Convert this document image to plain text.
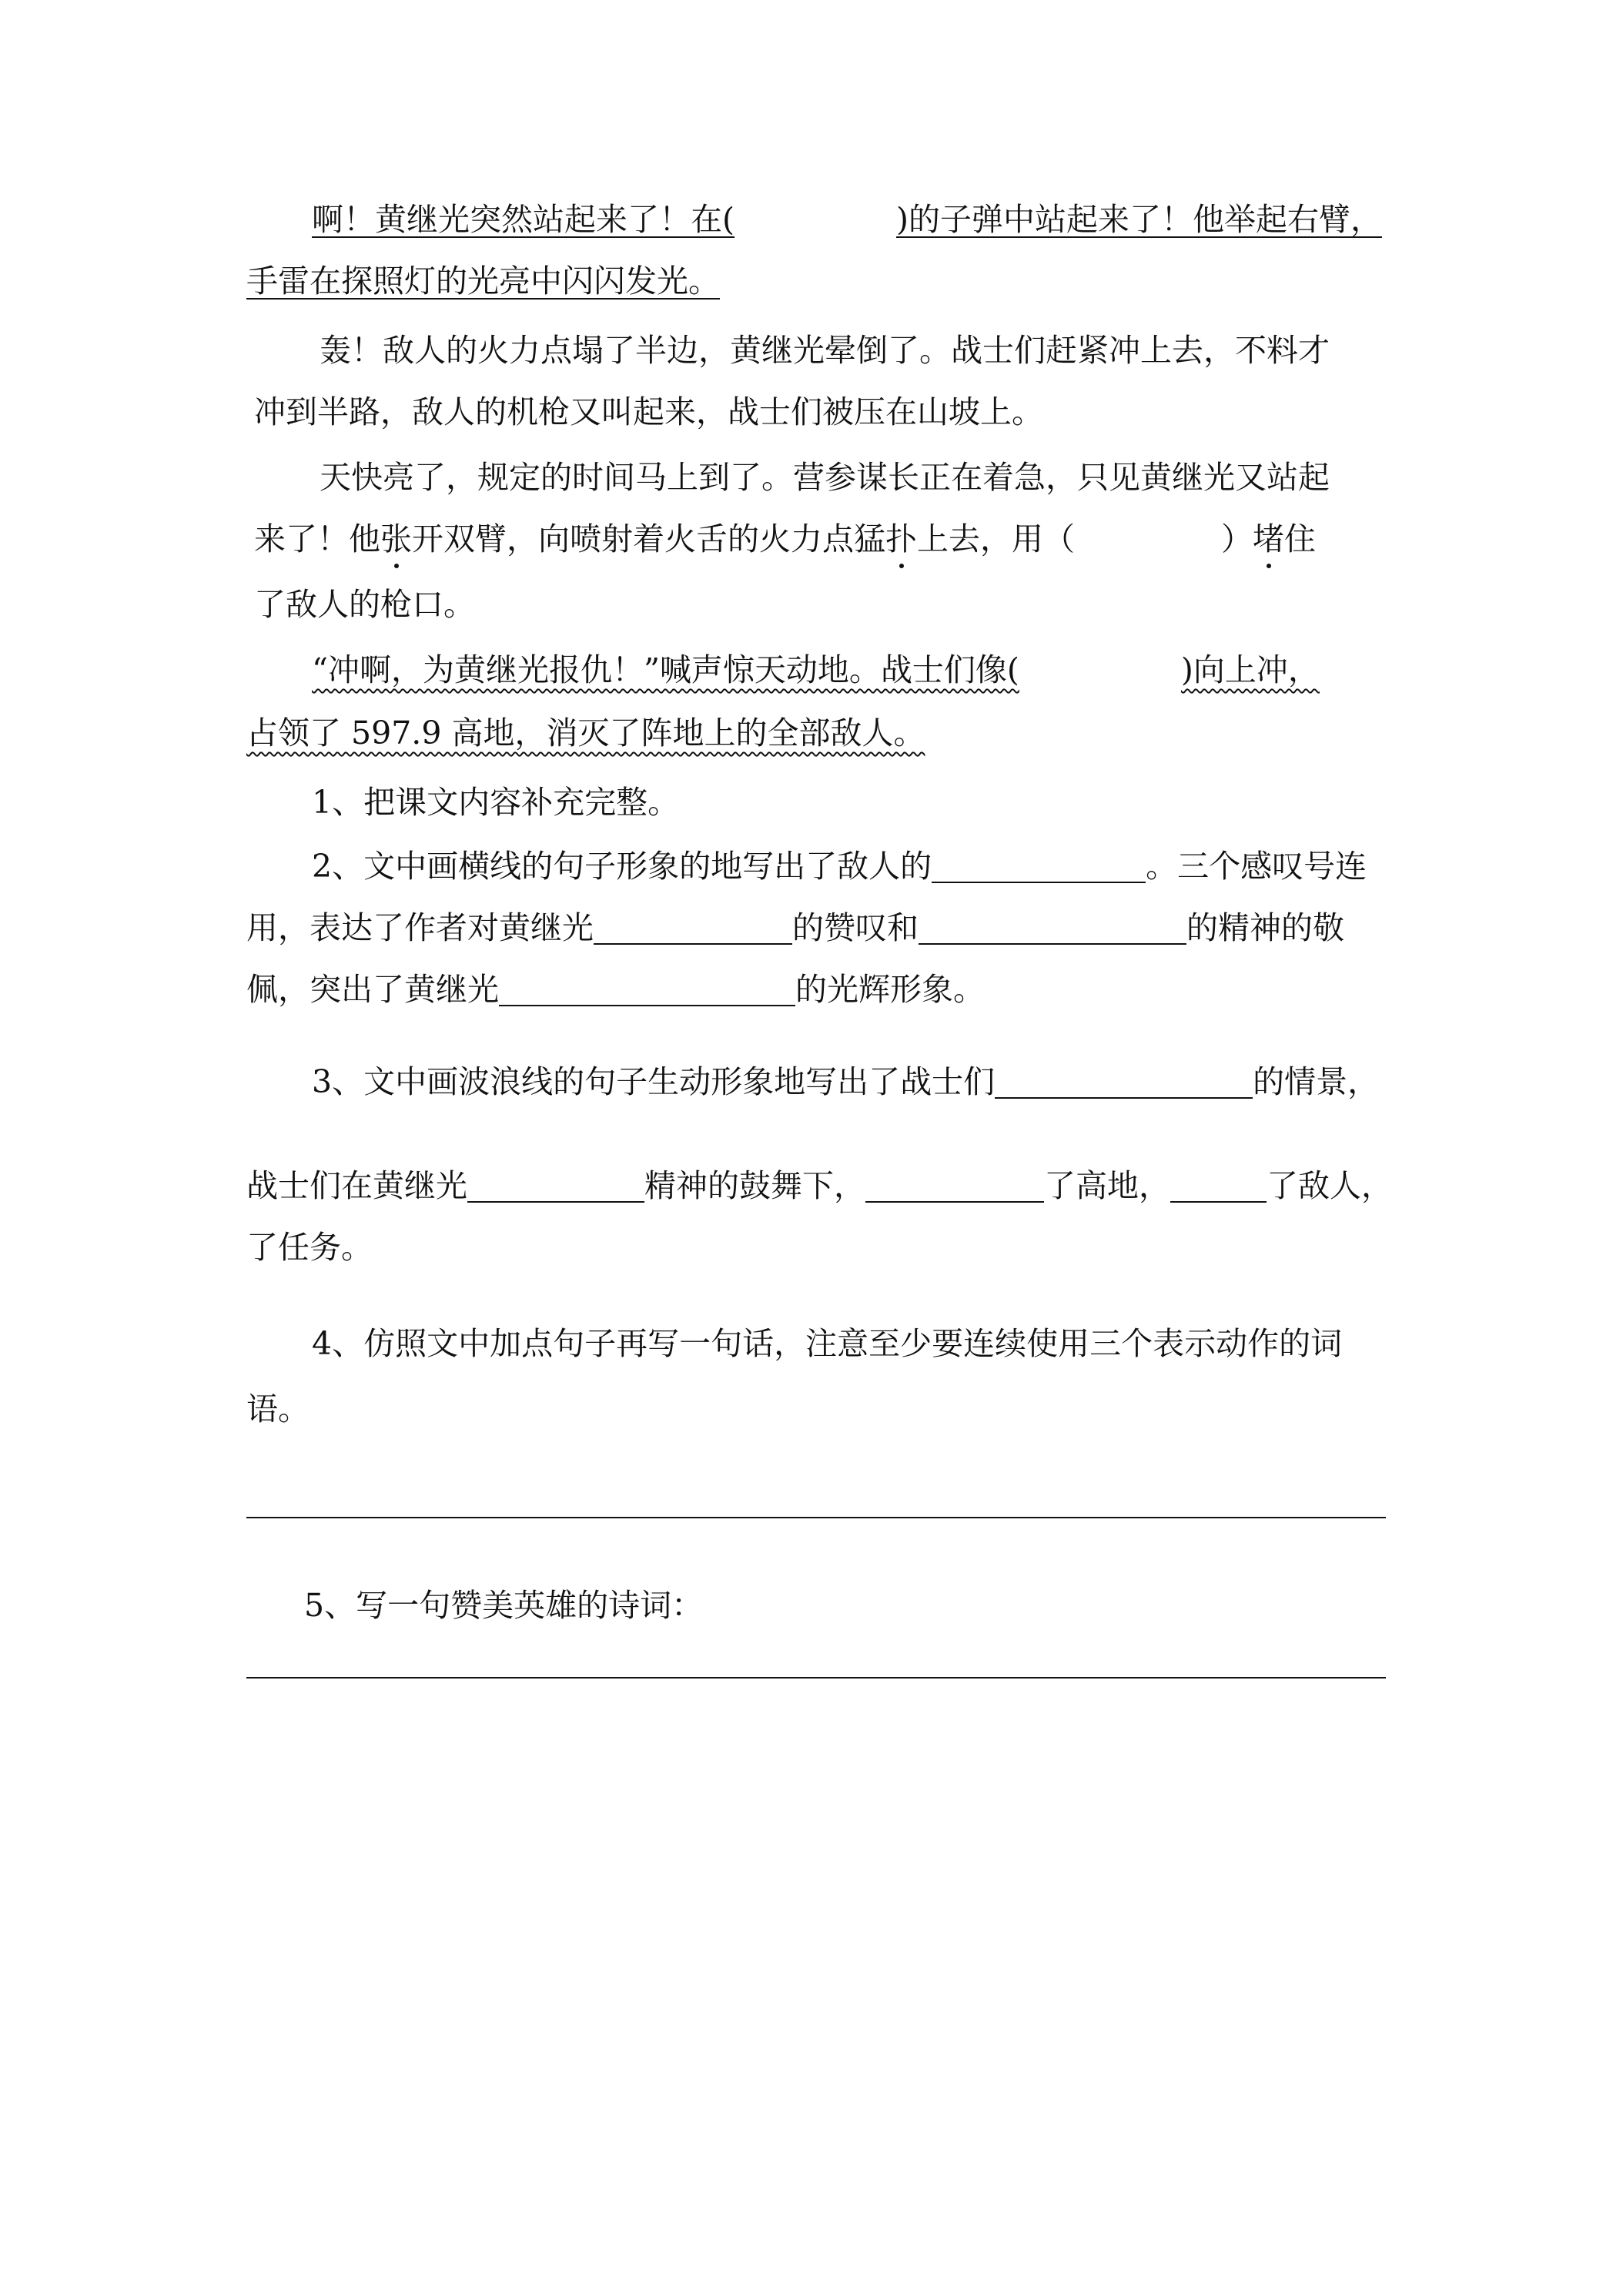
啊！黄继光突然站起来了！在(	)的子弹中站起来了！他举起右臂，
手雷在探照灯的光亮中闪闪发光。
轰！敌人的火力点塌了半边，黄继光晕倒了。战士们赶紧冲上去，不料才
冲到半路，敌人的机枪又叫起来，战士们被压在山坡上。
天快亮了，规定的时间马上到了。营参谋长正在着急，只见黄继光又站起
来了！他张开双臂，向喷射着火舌的火力点猛扑上去，用（	）堵住
了敌人的枪口。
“冲啊，为黄继光报仇！”喊声惊天动地。战士们像(	)向上冲，
占领了 597.9 高地，消灭了阵地上的全部敌人。
1、把课文内容补充完整。
2、文中画横线的句子形象的地写出了敌人的	。三个感叹号连
用，表达了作者对黄继光	的赞叹和	的精神的敬
佩，突出了黄继光	的光辉形象。
3、文中画波浪线的句子生动形象地写出了战士们	的情景，
战士们在黄继光	精神的鼓舞下，	了高地，	了敌人，
了任务。
4、仿照文中加点句子再写一句话，注意至少要连续使用三个表示动作的词
语。
5、写一句赞美英雄的诗词：
